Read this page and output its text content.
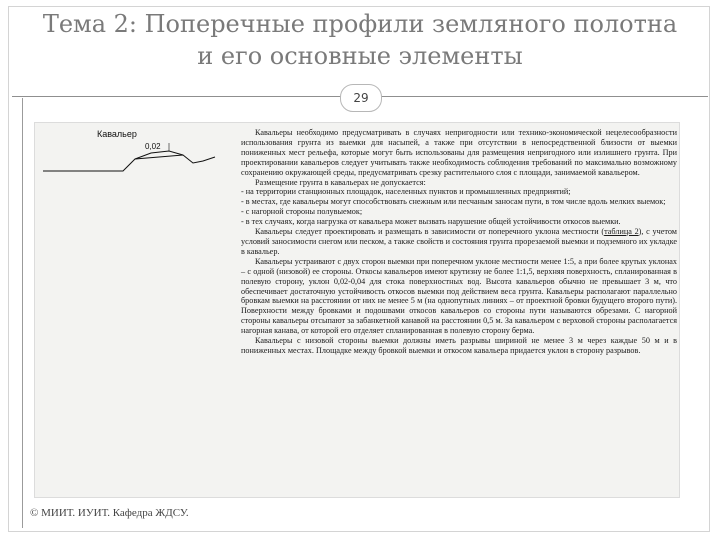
Тема 2: Поперечные профили земляного полотна
и его основные элементы
29
Кавальер
0,02

Кавальеры необходимо предусматривать в случаях непригодности или технико-экономической нецелесообразности использования грунта из выемки для насыпей, а также при отсутствии в непосредственной близости от выемки пониженных мест рельефа, которые могут быть использованы для размещения непригодного или излишнего грунта. При проектировании кавальеров следует учитывать также необходимость соблюдения требований по максимально возможному сохранению окружающей среды, предусматривать срезку растительного слоя с площади, занимаемой кавальером.

Размещение грунта в кавальерах не допускается:

- на территории станционных площадок, населенных пунктов и промышленных предприятий;

- в местах, где кавальеры могут способствовать снежным или песчаным заносам пути, в том числе вдоль мелких выемок;

- с нагорной стороны полувыемок;

- в тех случаях, когда нагрузка от кавальера может вызвать нарушение общей устойчивости откосов выемки.

Кавальеры следует проектировать и размещать в зависимости от поперечного уклона местности (таблица 2), с учетом условий заносимости снегом или песком, а также свойств и состояния грунта прорезаемой выемки и подземного их укладке в кавальер.

Кавальеры устраивают с двух сторон выемки при поперечном уклоне местности менее 1:5, а при более крутых уклонах – с одной (низовой) ее стороны. Откосы кавальеров имеют крутизну не более 1:1,5, верхняя поверхность, спланированная в полевую сторону, уклон 0,02-0,04 для стока поверхностных вод. Высота кавальеров обычно не превышает 3 м, что обеспечивает достаточную устойчивость откосов выемки под действием веса грунта. Кавальеры располагают параллельно бровкам выемки на расстоянии от них не менее 5 м (на однопутных линиях – от проектной бровки будущего второго пути). Поверхности между бровками и подошвами откосов кавальеров со стороны пути называются обрезами. С нагорной стороны кавальеры отсыпают за забанкетной канавой на расстоянии 0,5 м. За кавальером с верховой стороны располагается нагорная канава, от которой его отделяет спланированная в полевую сторону берма.

Кавальеры с низовой стороны выемки должны иметь разрывы шириной не менее 3 м через каждые 50 м и в пониженных местах. Площадке между бровкой выемки и откосом кавальера придается уклон в сторону разрывов.

© МИИТ. ИУИТ. Кафедра ЖДСУ.
